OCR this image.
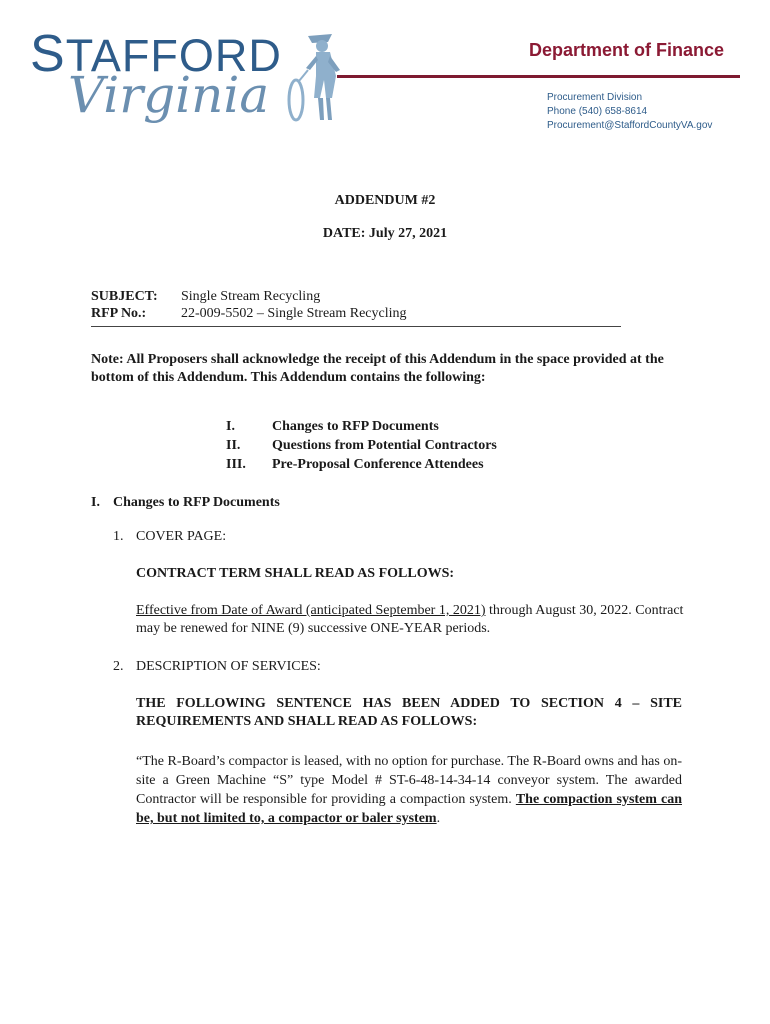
STAFFORD
Virginia
Department of Finance
Procurement Division
Phone (540) 658-8614
Procurement@StaffordCountyVA.gov
ADDENDUM #2
DATE: July 27, 2021
SUBJECT: Single Stream Recycling
RFP No.: 22-009-5502 – Single Stream Recycling
Note: All Proposers shall acknowledge the receipt of this Addendum in the space provided at the bottom of this Addendum. This Addendum contains the following:
I.	Changes to RFP Documents
II. Questions from Potential Contractors
III. Pre-Proposal Conference Attendees
I. Changes to RFP Documents
1. COVER PAGE:
CONTRACT TERM SHALL READ AS FOLLOWS:
Effective from Date of Award (anticipated September 1, 2021) through August 30, 2022. Contract may be renewed for NINE (9) successive ONE-YEAR periods.
2. DESCRIPTION OF SERVICES:
THE FOLLOWING SENTENCE HAS BEEN ADDED TO SECTION 4 – SITE REQUIREMENTS AND SHALL READ AS FOLLOWS:
“The R-Board’s compactor is leased, with no option for purchase. The R-Board owns and has on-site a Green Machine “S” type Model # ST-6-48-14-34-14 conveyor system. The awarded Contractor will be responsible for providing a compaction system. The compaction system can be, but not limited to, a compactor or baler system.
